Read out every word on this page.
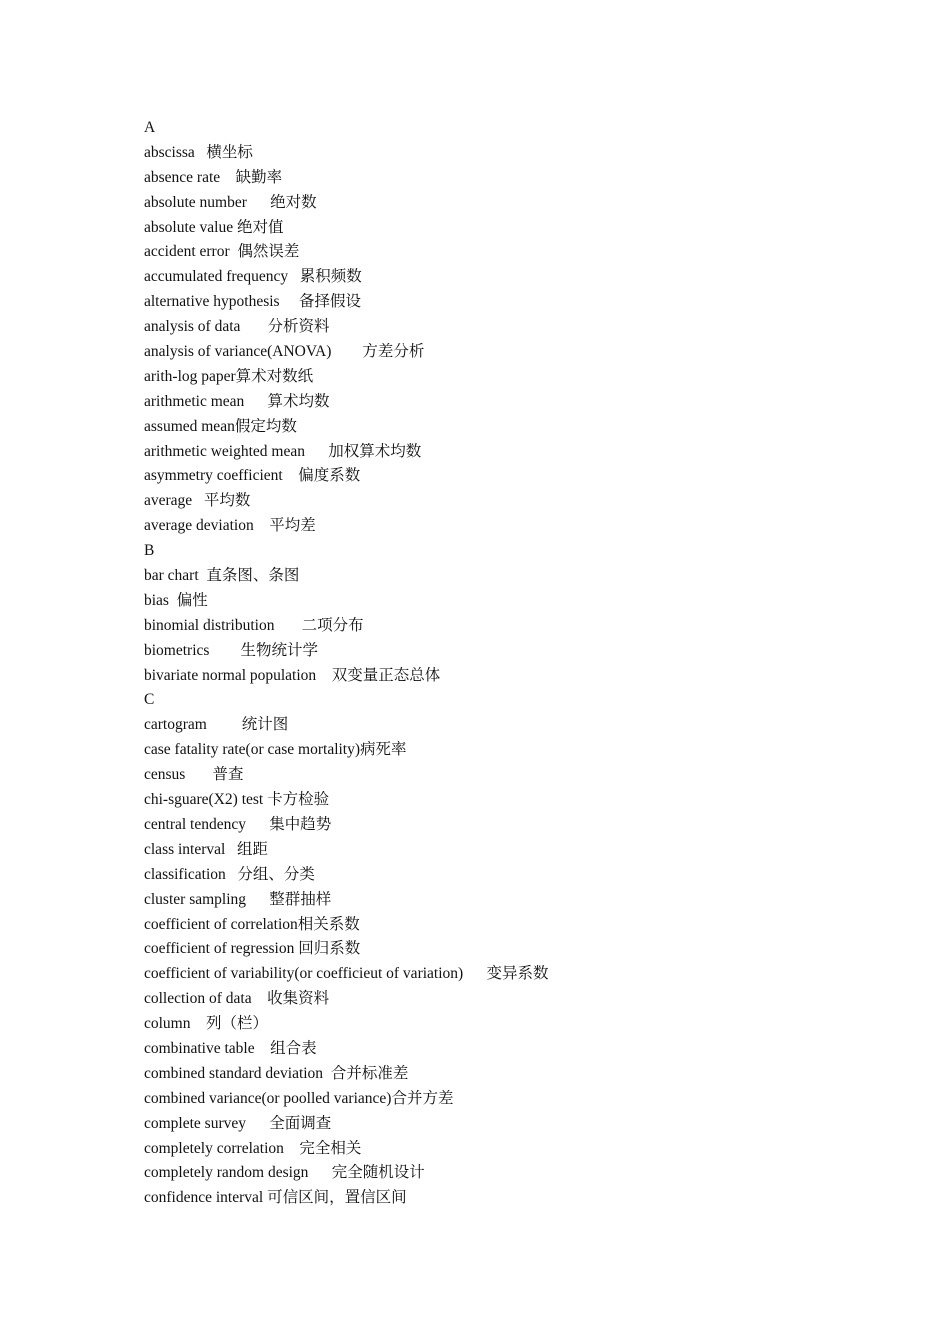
A
abscissa 横坐标
absence rate 缺勤率
absolute number 绝对数
absolute value 绝对值
accident error 偶然误差
accumulated frequency 累积频数
alternative hypothesis 备择假设
analysis of data 分析资料
analysis of variance(ANOVA) 方差分析
arith-log paper算术对数纸
arithmetic mean 算术均数
assumed mean假定均数
arithmetic weighted mean 加权算术均数
asymmetry coefficient 偏度系数
average 平均数
average deviation 平均差
B
bar chart 直条图、条图
bias 偏性
binomial distribution 二项分布
biometrics 生物统计学
bivariate normal population 双变量正态总体
C
cartogram 统计图
case fatality rate(or case mortality)病死率
census 普查
chi-sguare(X2) test 卡方检验
central tendency 集中趋势
class interval 组距
classification 分组、分类
cluster sampling 整群抽样
coefficient of correlation相关系数
coefficient of regression 回归系数
coefficient of variability(or coefficieut of variation) 变异系数
collection of data 收集资料
column 列（栏）
combinative table 组合表
combined standard deviation 合并标准差
combined variance(or poolled variance)合并方差
complete survey 全面调查
completely correlation 完全相关
completely random design 完全随机设计
confidence interval 可信区间，置信区间
